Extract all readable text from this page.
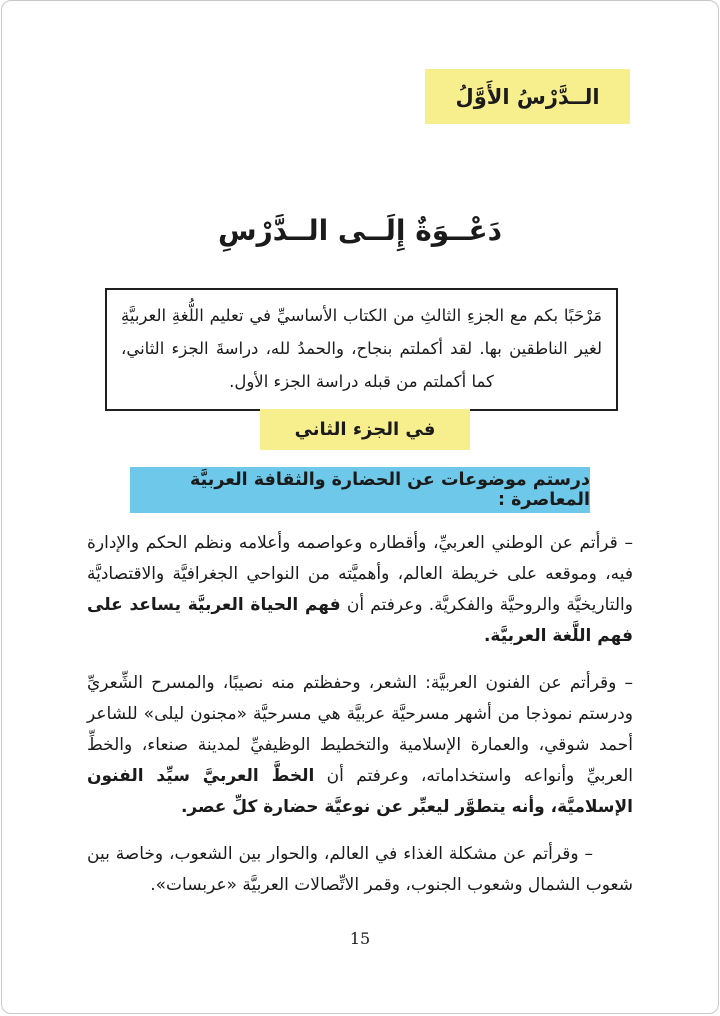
الــدَّرْسُ الأَوَّلُ
دَعْــوَةٌ إِلَــى الــدَّرْسِ
مَرْحَبًا بكم مع الجزءِ الثالثِ من الكتاب الأساسيِّ في تعليم اللُّغةِ العربيَّةِ لغير الناطقين بها. لقد أكملتم بنجاح، والحمدُ لله، دراسةَ الجزء الثاني، كما أكملتم من قبله دراسة الجزء الأول.
في الجزء الثاني
درستم موضوعات عن الحضارة والثقافة العربيَّة المعاصرة :

– قرأتم عن الوطني العربيِّ، وأقطاره وعواصمه وأعلامه ونظم الحكم والإدارة فيه، وموقعه على خريطة العالم، وأهميَّته من النواحي الجغرافيَّة والاقتصاديَّة والتاريخيَّة والروحيَّة والفكريَّة. وعرفتم أن فهم الحياة العربيَّة يساعد على فهم اللَّغة العربيَّة.

– وقرأتم عن الفنون العربيَّة: الشعر، وحفظتم منه نصيبًا، والمسرح الشِّعريِّ ودرستم نموذجا من أشهر مسرحيَّة عربيَّة هي مسرحيَّة «مجنون ليلى» للشاعر أحمد شوقي، والعمارة الإسلامية والتخطيط الوظيفيِّ لمدينة صنعاء، والخطِّ العربيِّ وأنواعه واستخداماته، وعرفتم أن الخطَّ العربيَّ سيِّد الفنون الإسلاميَّة، وأنه يتطوَّر ليعبِّر عن نوعيَّة حضارة كلِّ عصر.

– وقرأتم عن مشكلة الغذاء في العالم، والحوار بين الشعوب، وخاصة بين شعوب الشمال وشعوب الجنوب، وقمر الاتِّصالات العربيَّة «عربسات».

15
